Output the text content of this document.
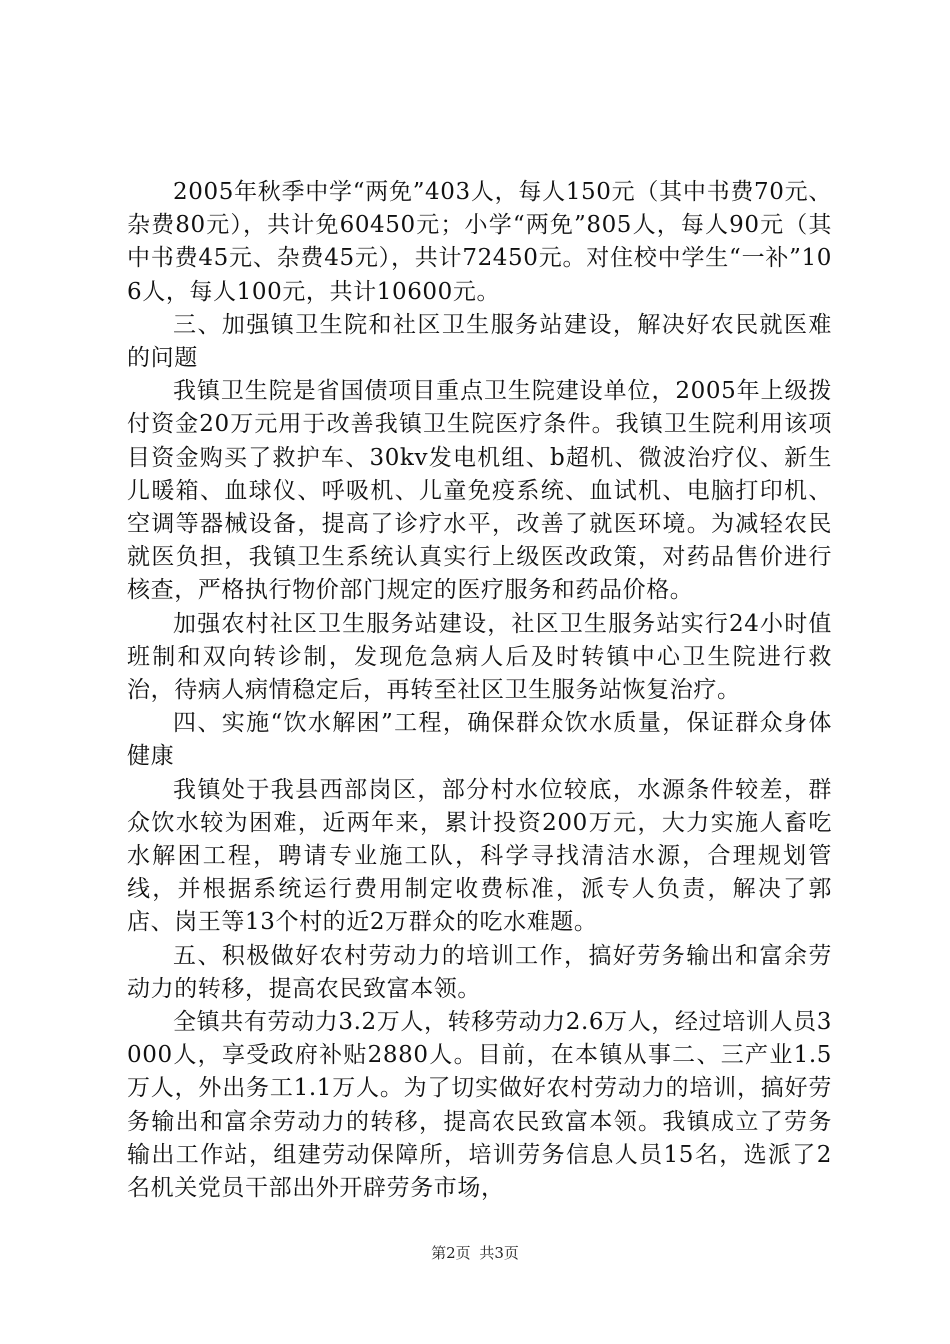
2005年秋季中学“两免”403人，每人150元（其中书费70元、杂费80元），共计免60450元；小学“两免”805人，每人90元（其中书费45元、杂费45元），共计72450元。对住校中学生“一补”106人，每人100元，共计10600元。

三、加强镇卫生院和社区卫生服务站建设，解决好农民就医难的问题

我镇卫生院是省国债项目重点卫生院建设单位，2005年上级拨付资金20万元用于改善我镇卫生院医疗条件。我镇卫生院利用该项目资金购买了救护车、30kv发电机组、b超机、微波治疗仪、新生儿暖箱、血球仪、呼吸机、儿童免疫系统、血试机、电脑打印机、空调等器械设备，提高了诊疗水平，改善了就医环境。为减轻农民就医负担，我镇卫生系统认真实行上级医改政策，对药品售价进行核查，严格执行物价部门规定的医疗服务和药品价格。

加强农村社区卫生服务站建设，社区卫生服务站实行24小时值班制和双向转诊制，发现危急病人后及时转镇中心卫生院进行救治，待病人病情稳定后，再转至社区卫生服务站恢复治疗。

四、实施“饮水解困”工程，确保群众饮水质量，保证群众身体健康

我镇处于我县西部岗区，部分村水位较底，水源条件较差，群众饮水较为困难，近两年来，累计投资200万元，大力实施人畜吃水解困工程，聘请专业施工队，科学寻找清洁水源，合理规划管线，并根据系统运行费用制定收费标准，派专人负责，解决了郭店、岗王等13个村的近2万群众的吃水难题。

五、积极做好农村劳动力的培训工作，搞好劳务输出和富余劳动力的转移，提高农民致富本领。

全镇共有劳动力3.2万人，转移劳动力2.6万人，经过培训人员3000人，享受政府补贴2880人。目前，在本镇从事二、三产业1.5万人，外出务工1.1万人。为了切实做好农村劳动力的培训，搞好劳务输出和富余劳动力的转移，提高农民致富本领。我镇成立了劳务输出工作站，组建劳动保障所，培训劳务信息人员15名，选派了2名机关党员干部出外开辟劳务市场，

第2页 共3页
